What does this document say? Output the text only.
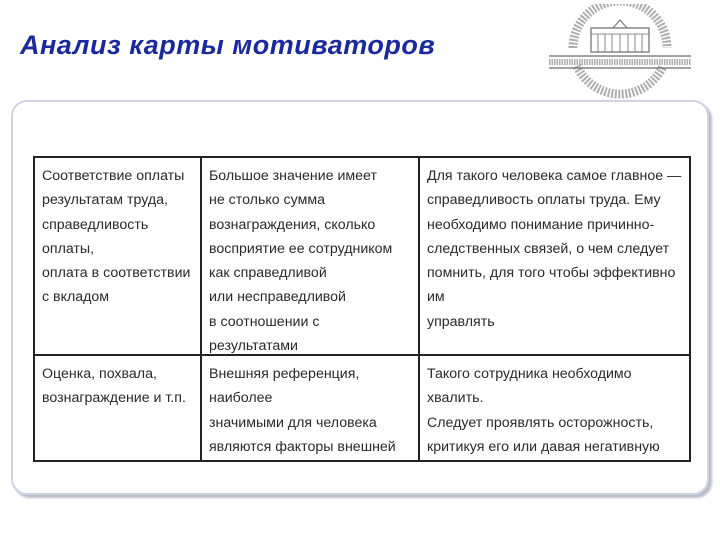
Анализ карты мотиваторов
Соответствие оплаты
результатам труда,
справедливость оплаты,
оплата в соответствии
с вкладом
Большое значение имеет
не столько сумма
вознаграждения, сколько
восприятие ее сотрудником
как справедливой
или несправедливой
в соотношении с результатами

Для такого человека самое главное —
справедливость оплаты труда. Ему
необходимо понимание причинно-
следственных связей, о чем следует
помнить, для того чтобы эффективно им
управлять
Оценка, похвала,
вознаграждение и т.п.
Внешняя референция, наиболее
значимыми для человека
являются факторы внешней

Такого сотрудника необходимо хвалить.
Следует проявлять осторожность,
критикуя его или давая негативную
